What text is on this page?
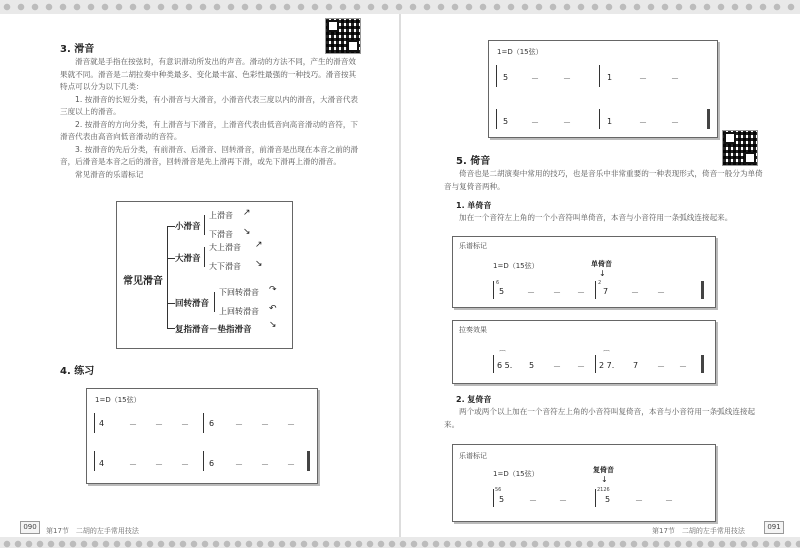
3. 滑音
滑音就是手指在按弦时，有意识滑动所发出的声音。滑动的方法不同，产生的滑音效果就不同。滑音是二胡拉奏中种类最多、变化最丰富、色彩性最强的一种技巧。滑音按其特点可以分为以下几类：
1. 按滑音的长短分类，有小滑音与大滑音，小滑音代表三度以内的滑音，大滑音代表三度以上的滑音。
2. 按滑音的方向分类，有上滑音与下滑音，上滑音代表由低音向高音滑动的音符，下滑音代表由高音向低音滑动的音符。
3. 按滑音的先后分类，有前滑音、后滑音、回转滑音，前滑音是出现在本音之前的滑音，后滑音是本音之后的滑音，回转滑音是先上滑再下滑，或先下滑再上滑的滑音。
常见滑音的乐谱标记
常见滑音
小滑音
上滑音 ↗
下滑音 ↘
大滑音
大上滑音 ↗
大下滑音 ↘
回转滑音
下回转滑音 ↷
上回转滑音 ↶
复指滑音－垫指滑音 ↘
4. 练习
1=D（15弦）
4	－ － －	6	－ － －
4	－ － －	6	－ － －
090	第17节　二胡的左手常用技法
1=D（15弦）
5	－	－	1	－	－
5	－	－	1	－	－
5. 倚音
倚音也是二胡演奏中常用的技巧，也是音乐中非常重要的一种表现形式，倚音一般分为单倚音与复倚音两种。
1. 单倚音
加在一个音符左上角的一个小音符叫单倚音，本音与小音符用一条弧线连接起来。
乐谱标记
1=D（15弦）	单倚音
↓
6
5	－ － －
2
7	－ －
拉奏效果
6 5.
⌒
5 － － 2 7.
⌒
7 － －
2. 复倚音
两个或两个以上加在一个音符左上角的小音符叫复倚音，本音与小音符用一条弧线连接起来。
乐谱标记
1=D（15弦）	复倚音
↓
56
5	－	－
2126
5	－	－
第17节　二胡的左手常用技法	091
